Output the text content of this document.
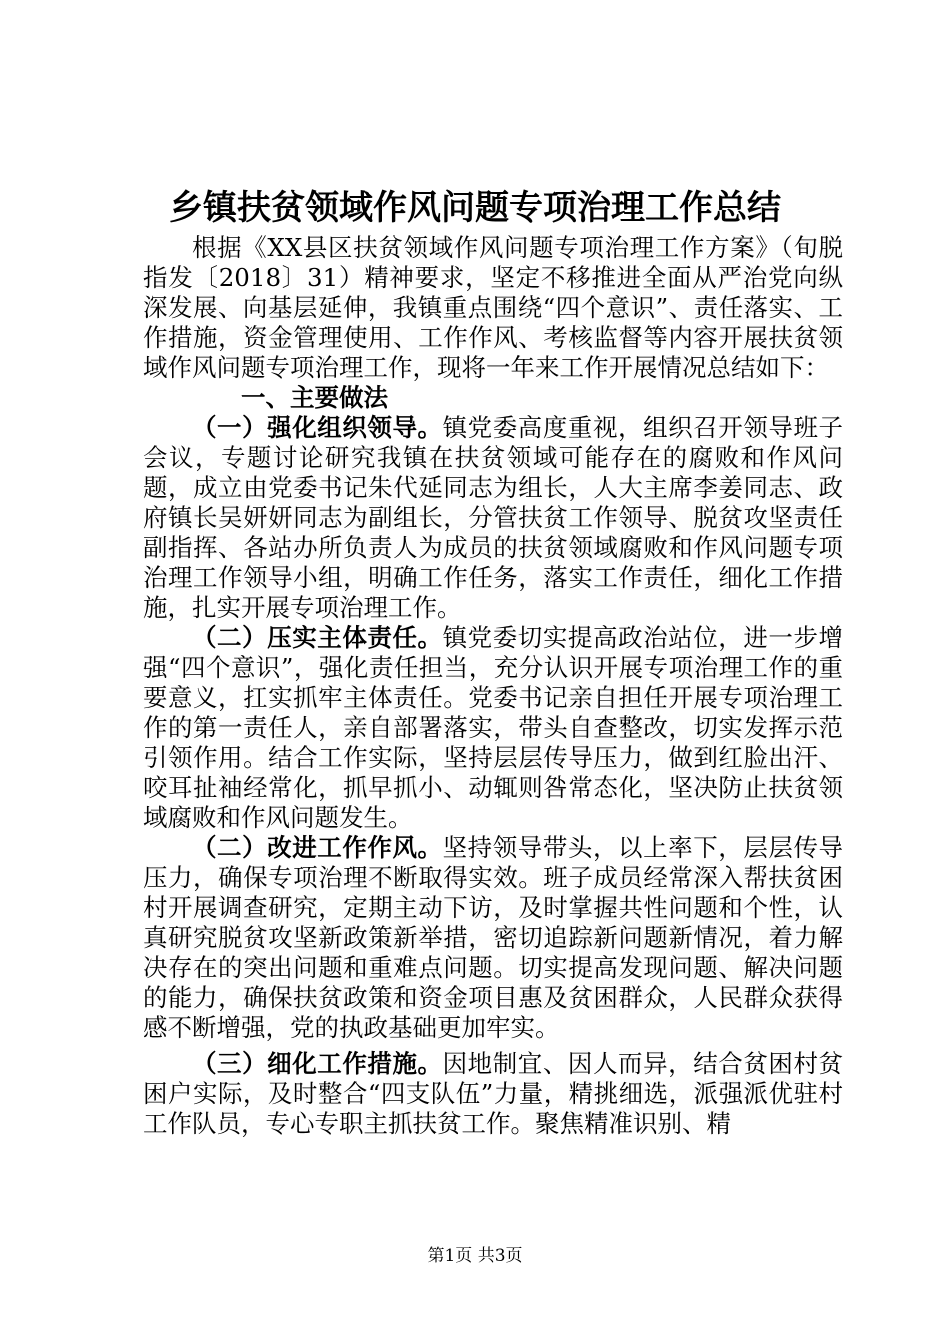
乡镇扶贫领域作风问题专项治理工作总结

根据《XX县区扶贫领域作风问题专项治理工作方案》（旬脱指发〔2018〕31）精神要求，坚定不移推进全面从严治党向纵深发展、向基层延伸，我镇重点围绕“四个意识”、责任落实、工作措施，资金管理使用、工作作风、考核监督等内容开展扶贫领域作风问题专项治理工作，现将一年来工作开展情况总结如下：

一、主要做法

（一）强化组织领导。镇党委高度重视，组织召开领导班子会议，专题讨论研究我镇在扶贫领域可能存在的腐败和作风问题，成立由党委书记朱代延同志为组长，人大主席李姜同志、政府镇长吴妍妍同志为副组长，分管扶贫工作领导、脱贫攻坚责任副指挥、各站办所负责人为成员的扶贫领域腐败和作风问题专项治理工作领导小组，明确工作任务，落实工作责任，细化工作措施，扎实开展专项治理工作。

（二）压实主体责任。镇党委切实提高政治站位，进一步增强“四个意识”，强化责任担当，充分认识开展专项治理工作的重要意义，扛实抓牢主体责任。党委书记亲自担任开展专项治理工作的第一责任人，亲自部署落实，带头自查整改，切实发挥示范引领作用。结合工作实际，坚持层层传导压力，做到红脸出汗、咬耳扯袖经常化，抓早抓小、动辄则咎常态化，坚决防止扶贫领域腐败和作风问题发生。

（二）改进工作作风。坚持领导带头，以上率下，层层传导压力，确保专项治理不断取得实效。班子成员经常深入帮扶贫困村开展调查研究，定期主动下访，及时掌握共性问题和个性，认真研究脱贫攻坚新政策新举措，密切追踪新问题新情况，着力解决存在的突出问题和重难点问题。切实提高发现问题、解决问题的能力，确保扶贫政策和资金项目惠及贫困群众，人民群众获得感不断增强，党的执政基础更加牢实。

（三）细化工作措施。因地制宜、因人而异，结合贫困村贫困户实际，及时整合“四支队伍”力量，精挑细选，派强派优驻村工作队员，专心专职主抓扶贫工作。聚焦精准识别、精

第1页 共3页
